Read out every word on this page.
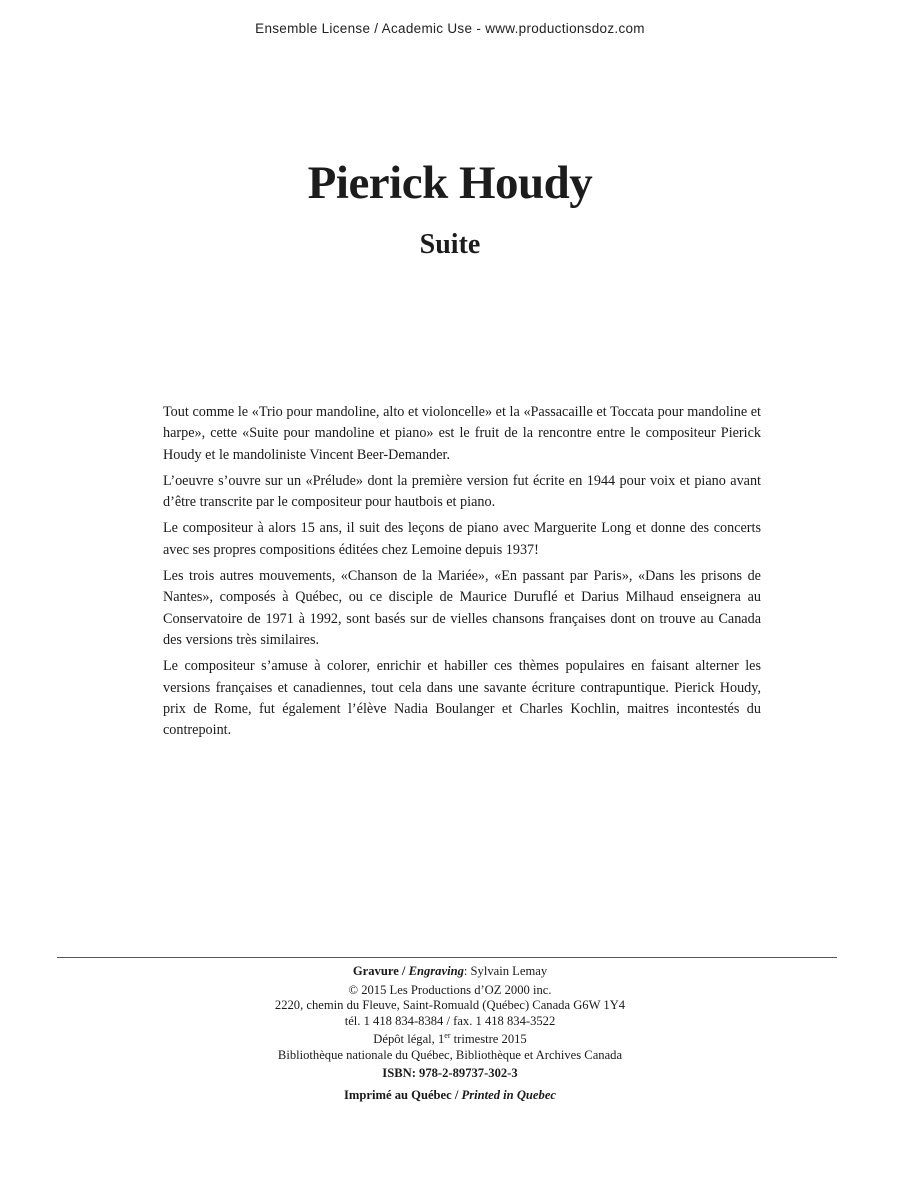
Ensemble License / Academic Use - www.productionsdoz.com
Pierick Houdy
Suite

Tout comme le «Trio pour mandoline, alto et violoncelle» et la «Passacaille et Toccata pour mandoline et harpe», cette «Suite pour mandoline et piano» est le fruit de la rencontre entre le compositeur Pierick Houdy et le mandoliniste Vincent Beer-Demander.

L’oeuvre s’ouvre sur un «Prélude» dont la première version fut écrite en 1944 pour voix et piano avant d’être transcrite par le compositeur pour hautbois et piano.

Le compositeur à alors 15 ans, il suit des leçons de piano avec Marguerite Long et donne des concerts avec ses propres compositions éditées chez Lemoine depuis 1937!

Les trois autres mouvements, «Chanson de la Mariée», «En passant par Paris», «Dans les prisons de Nantes», composés à Québec, ou ce disciple de Maurice Duruflé et Darius Milhaud enseignera au Conservatoire de 1971 à 1992, sont basés sur de vielles chansons françaises dont on trouve au Canada des versions très similaires.

Le compositeur s’amuse à colorer, enrichir et habiller ces thèmes populaires en faisant alterner les versions françaises et canadiennes, tout cela dans une savante écriture contrapuntique. Pierick Houdy, prix de Rome, fut également l’élève Nadia Boulanger et Charles Kochlin, maitres incontestés du contrepoint.

Gravure / Engraving: Sylvain Lemay
© 2015 Les Productions d’OZ 2000 inc.
2220, chemin du Fleuve, Saint-Romuald (Québec) Canada G6W 1Y4
tél. 1 418 834-8384 / fax. 1 418 834-3522
Dépôt légal, 1er trimestre 2015
Bibliothèque nationale du Québec, Bibliothèque et Archives Canada
ISBN: 978-2-89737-302-3
Imprimé au Québec / Printed in Quebec
